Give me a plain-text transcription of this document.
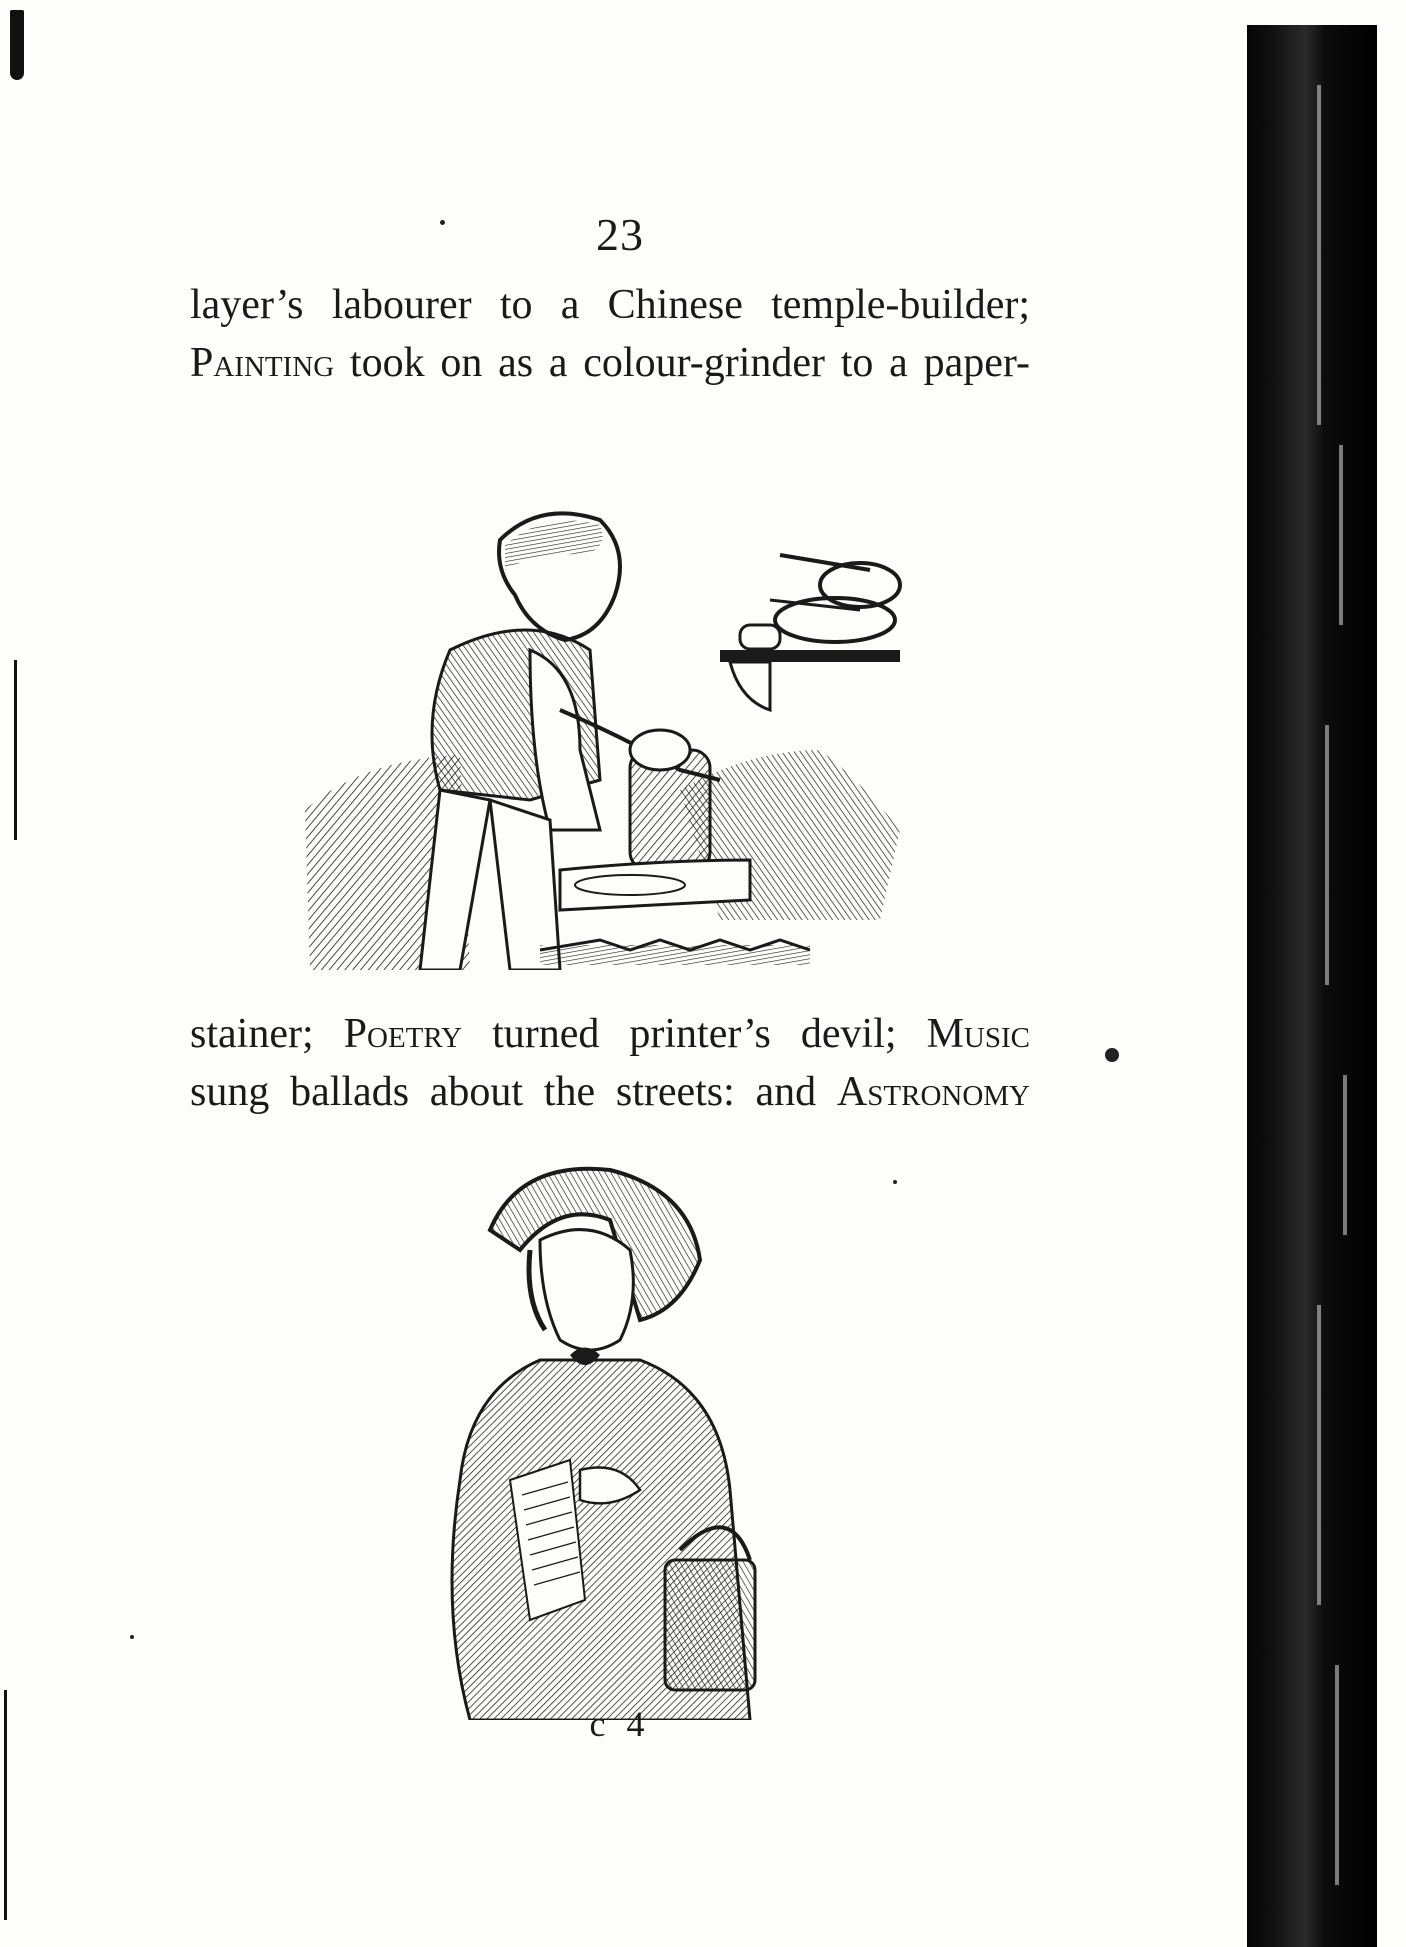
23
layer’s labourer to a Chinese temple-builder;
Painting took on as a colour-grinder to a paper-
stainer; Poetry turned printer’s devil; Music
sung ballads about the streets: and Astronomy
c 4
